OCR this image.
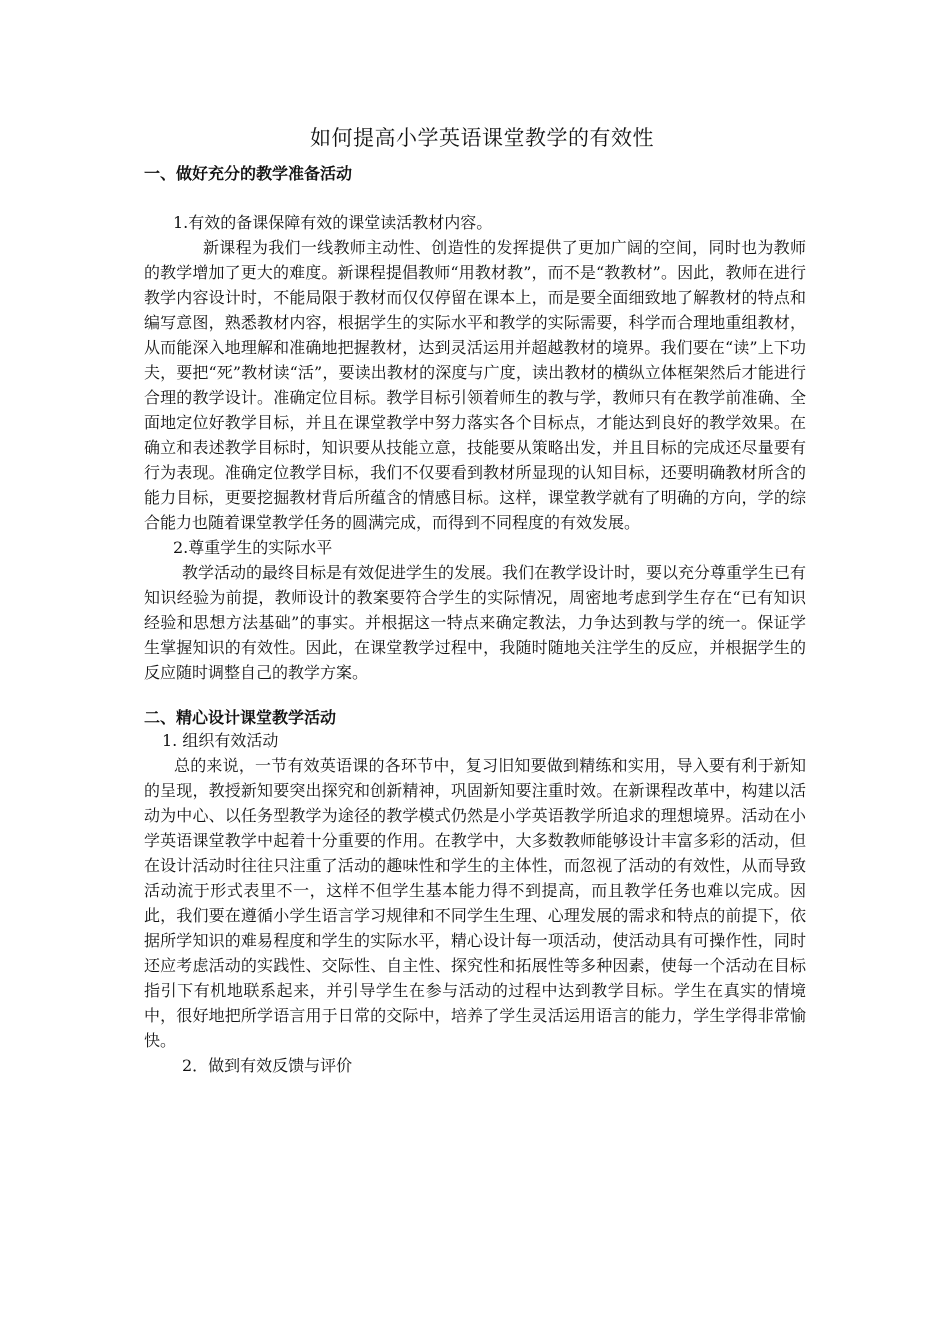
如何提高小学英语课堂教学的有效性

一、做好充分的教学准备活动

1.有效的备课保障有效的课堂读活教材内容。

新课程为我们一线教师主动性、创造性的发挥提供了更加广阔的空间，同时也为教师的教学增加了更大的难度。新课程提倡教师“用教材教”，而不是“教教材”。因此，教师在进行教学内容设计时，不能局限于教材而仅仅停留在课本上，而是要全面细致地了解教材的特点和编写意图，熟悉教材内容，根据学生的实际水平和教学的实际需要，科学而合理地重组教材，从而能深入地理解和准确地把握教材，达到灵活运用并超越教材的境界。我们要在“读”上下功夫，要把“死”教材读“活”，要读出教材的深度与广度，读出教材的横纵立体框架然后才能进行合理的教学设计。准确定位目标。教学目标引领着师生的教与学，教师只有在教学前准确、全面地定位好教学目标，并且在课堂教学中努力落实各个目标点，才能达到良好的教学效果。在确立和表述教学目标时，知识要从技能立意，技能要从策略出发，并且目标的完成还尽量要有行为表现。准确定位教学目标，我们不仅要看到教材所显现的认知目标，还要明确教材所含的能力目标，更要挖掘教材背后所蕴含的情感目标。这样，课堂教学就有了明确的方向，学的综合能力也随着课堂教学任务的圆满完成，而得到不同程度的有效发展。

2.尊重学生的实际水平

教学活动的最终目标是有效促进学生的发展。我们在教学设计时，要以充分尊重学生已有知识经验为前提，教师设计的教案要符合学生的实际情况，周密地考虑到学生存在“已有知识经验和思想方法基础”的事实。并根据这一特点来确定教法，力争达到教与学的统一。保证学生掌握知识的有效性。因此，在课堂教学过程中，我随时随地关注学生的反应，并根据学生的反应随时调整自己的教学方案。

二、精心设计课堂教学活动

1. 组织有效活动

总的来说，一节有效英语课的各环节中，复习旧知要做到精练和实用，导入要有利于新知的呈现，教授新知要突出探究和创新精神，巩固新知要注重时效。在新课程改革中，构建以活动为中心、以任务型教学为途径的教学模式仍然是小学英语教学所追求的理想境界。活动在小学英语课堂教学中起着十分重要的作用。在教学中，大多数教师能够设计丰富多彩的活动，但在设计活动时往往只注重了活动的趣味性和学生的主体性，而忽视了活动的有效性，从而导致活动流于形式表里不一，这样不但学生基本能力得不到提高，而且教学任务也难以完成。因此，我们要在遵循小学生语言学习规律和不同学生生理、心理发展的需求和特点的前提下，依据所学知识的难易程度和学生的实际水平，精心设计每一项活动，使活动具有可操作性，同时还应考虑活动的实践性、交际性、自主性、探究性和拓展性等多种因素，使每一个活动在目标指引下有机地联系起来，并引导学生在参与活动的过程中达到教学目标。学生在真实的情境中，很好地把所学语言用于日常的交际中，培养了学生灵活运用语言的能力，学生学得非常愉快。

2．做到有效反馈与评价
